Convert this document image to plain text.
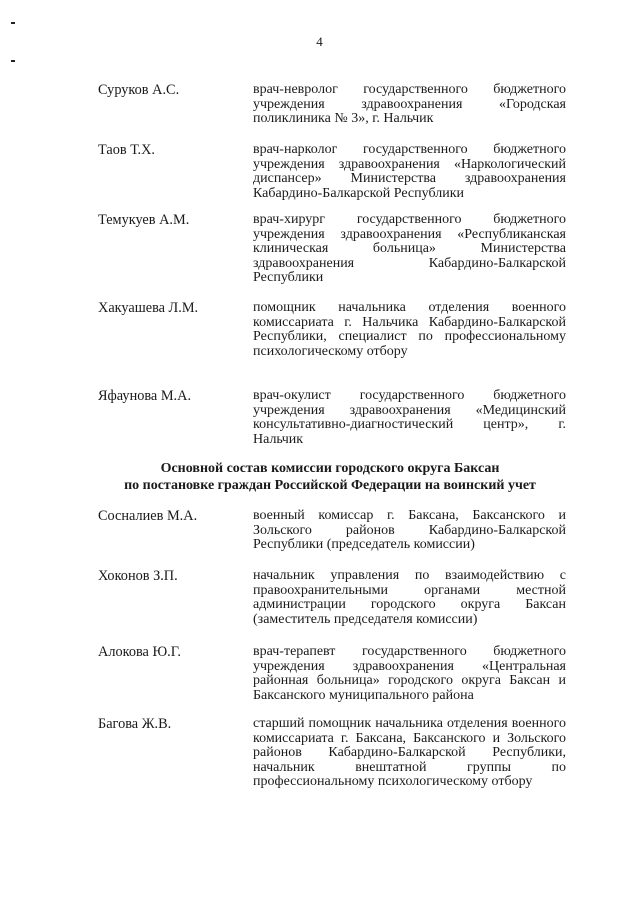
4
Суруков А.С.	врач-невролог государственного бюджетного учреждения здравоохранения «Городская поликлиника № 3», г. Нальчик
Таов Т.Х.	врач-нарколог государственного бюджетного учреждения здравоохранения «Наркологический диспансер» Министерства здравоохранения Кабардино-Балкарской Республики
Темукуев А.М.	врач-хирург государственного бюджетного учреждения здравоохранения «Республиканская клиническая больница» Министерства здравоохранения Кабардино-Балкарской Республики
Хакуашева Л.М.	помощник начальника отделения военного комиссариата г. Нальчика Кабардино-Балкарской Республики, специалист по профессиональному психологическому отбору
Яфаунова М.А.	врач-окулист государственного бюджетного учреждения здравоохранения «Медицинский консультативно-диагностический центр», г. Нальчик
Основной состав комиссии городского округа Баксан
по постановке граждан Российской Федерации на воинский учет
Сосналиев М.А.	военный комиссар г. Баксана, Баксанского и Зольского районов Кабардино-Балкарской Республики (председатель комиссии)
Хоконов З.П.	начальник управления по взаимодействию с правоохранительными органами местной администрации городского округа Баксан (заместитель председателя комиссии)
Алокова Ю.Г.	врач-терапевт государственного бюджетного учреждения здравоохранения «Центральная районная больница» городского округа Баксан и Баксанского муниципального района
Багова Ж.В.	старший помощник начальника отделения военного комиссариата г. Баксана, Баксанского и Зольского районов Кабардино-Балкарской Республики, начальник внештатной группы по профессиональному психологическому отбору
